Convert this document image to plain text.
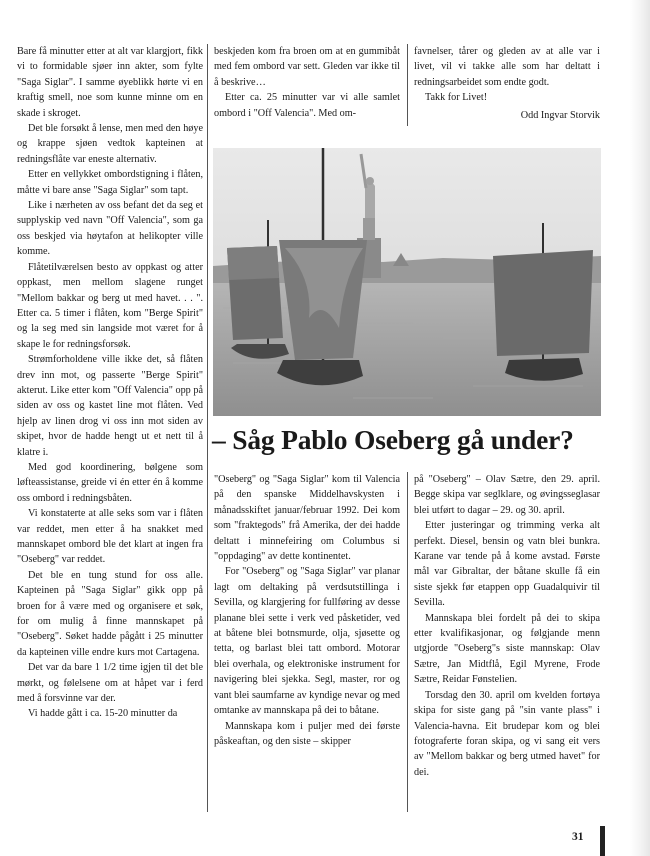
Bare få minutter etter at alt var klargjort, fikk vi to formidable sjøer inn akter, som fylte "Saga Siglar". I samme øyeblikk hørte vi en kraftig smell, noe som kunne minne om en skade i skroget.

Det ble forsøkt å lense, men med den høye og krappe sjøen vedtok kapteinen at redningsflåte var eneste alternativ.

Etter en vellykket ombordstigning i flåten, måtte vi bare anse "Saga Siglar" som tapt.

Like i nærheten av oss befant det da seg et supplyskip ved navn "Off Valencia", som ga oss beskjed via høytafon at helikopter ville komme.

Flåtetilværelsen besto av oppkast og atter oppkast, men mellom slagene runget "Mellom bakkar og berg ut med havet. . . ". Etter ca. 5 timer i flåten, kom "Berge Spirit" og la seg med sin langside mot været for å skape le for redningsforsøk.

Strømforholdene ville ikke det, så flåten drev inn mot, og passerte "Berge Spirit" akterut. Like etter kom "Off Valencia" opp på siden av oss og kastet line mot flåten. Ved hjelp av linen drog vi oss inn mot siden av skipet, hvor de hadde hengt ut et nett til å klatre i.

Med god koordinering, bølgene som løfteassistanse, greide vi én etter én å komme oss ombord i redningsbåten.

Vi konstaterte at alle seks som var i flåten var reddet, men etter å ha snakket med mannskapet ombord ble det klart at ingen fra "Oseberg" var reddet.

Det ble en tung stund for oss alle. Kapteinen på "Saga Siglar" gikk opp på broen for å være med og organisere et søk, for om mulig å finne mannskapet på "Oseberg". Søket hadde pågått i 25 minutter da kapteinen ville endre kurs mot Cartagena.

Det var da bare 1 1/2 time igjen til det ble mørkt, og følelsene om at håpet var i ferd med å forsvinne var der.

Vi hadde gått i ca. 15-20 minutter da

beskjeden kom fra broen om at en gummibåt med fem ombord var sett. Gleden var ikke til å beskrive…

Etter ca. 25 minutter var vi alle samlet ombord i "Off Valencia". Med om-

favnelser, tårer og gleden av at alle var i livet, vil vi takke alle som har deltatt i redningsarbeidet som endte godt.

Takk for Livet!

Odd Ingvar Storvik

– Såg Pablo Oseberg gå under?

"Oseberg" og "Saga Siglar" kom til Valencia på den spanske Middelhavskysten i månadsskiftet januar/februar 1992. Dei kom som "fraktegods" frå Amerika, der dei hadde deltatt i minnefeiring om Columbus si "oppdaging" av dette kontinentet.

For "Oseberg" og "Saga Siglar" var planar lagt om deltaking på verdsutstillinga i Sevilla, og klargjering for fullføring av desse planane blei sette i verk ved påsketider, ved at båtene blei botnsmurde, olja, sjøsette og tetta, og barlast blei tatt ombord. Motorar blei overhala, og elektroniske instrument for navigering blei sjekka. Segl, master, ror og vant blei saumfarne av kyndige nevar og med omtanke av mannskapa på dei to båtane.

Mannskapa kom i puljer med dei første påskeaftan, og den siste – skipper

på "Oseberg" – Olav Sætre, den 29. april. Begge skipa var seglklare, og øvingsseglasar blei utført to dagar – 29. og 30. april.

Etter justeringar og trimming verka alt perfekt. Diesel, bensin og vatn blei bunkra. Karane var tende på å kome avstad. Første mål var Gibraltar, der båtane skulle få ein siste sjekk før etappen opp Guadalquivir til Sevilla.

Mannskapa blei fordelt på dei to skipa etter kvalifikasjonar, og følgjande menn utgjorde "Oseberg"s siste mannskap: Olav Sætre, Jan Midtflå, Egil Myrene, Frode Sætre, Reidar Fønstelien.

Torsdag den 30. april om kvelden fortøya skipa for siste gang på "sin vante plass" i Valencia-havna. Eit brudepar kom og blei fotograferte foran skipa, og vi sang eit vers av "Mellom bakkar og berg utmed havet" for dei.

31
